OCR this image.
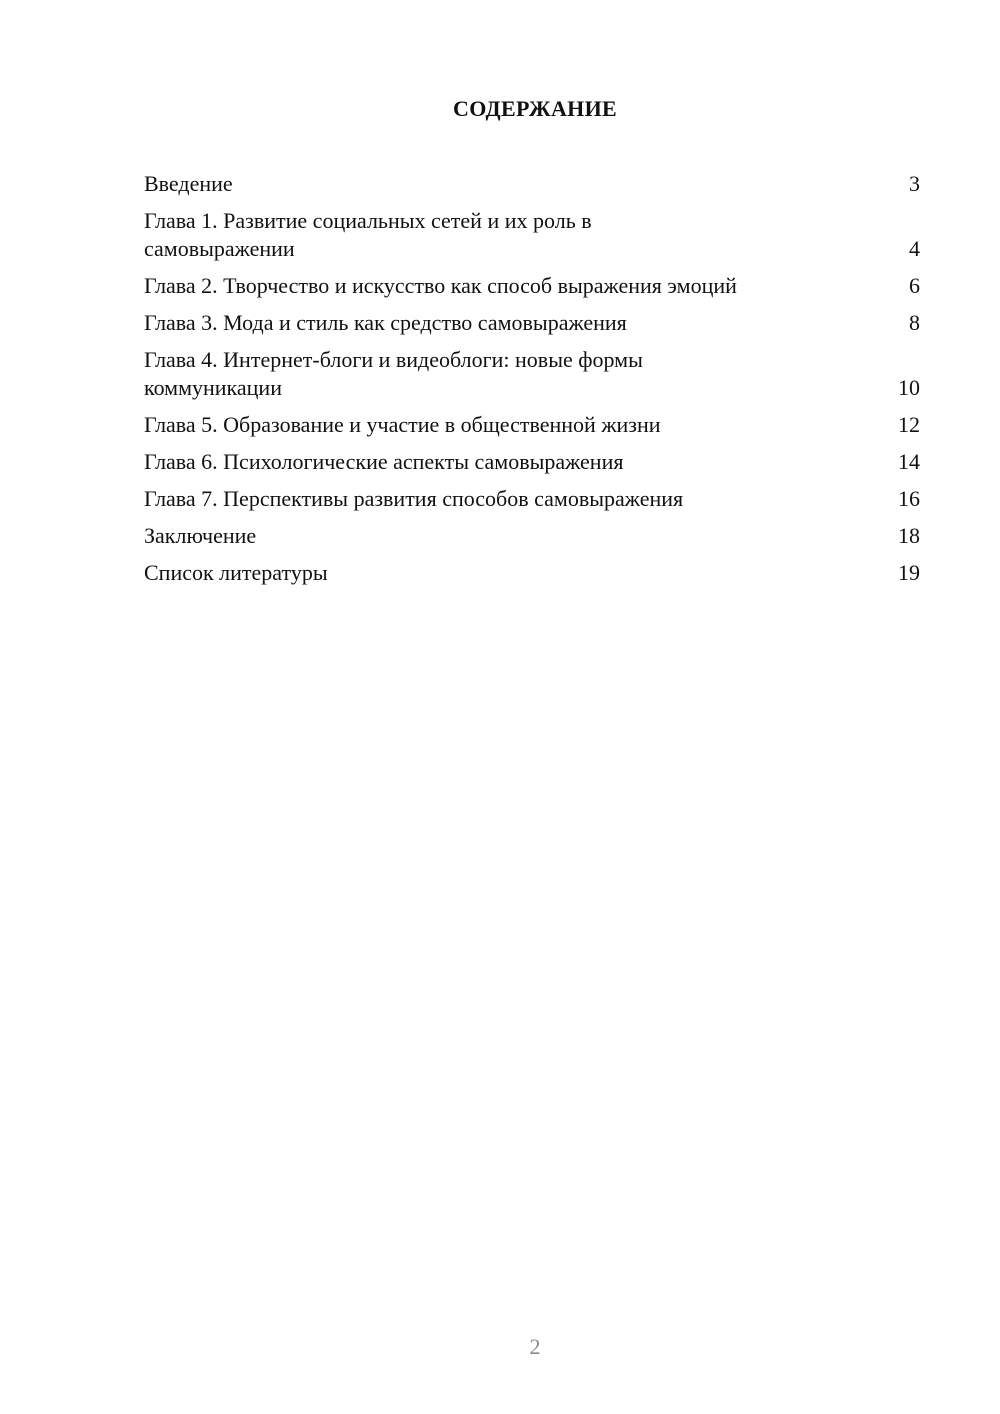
СОДЕРЖАНИЕ
Введение	3
Глава 1. Развитие социальных сетей и их роль в самовыражении	4
Глава 2. Творчество и искусство как способ выражения эмоций	6
Глава 3. Мода и стиль как средство самовыражения	8
Глава 4. Интернет-блоги и видеоблоги: новые формы коммуникации	10
Глава 5. Образование и участие в общественной жизни	12
Глава 6. Психологические аспекты самовыражения	14
Глава 7. Перспективы развития способов самовыражения	16
Заключение	18
Список литературы	19
2
